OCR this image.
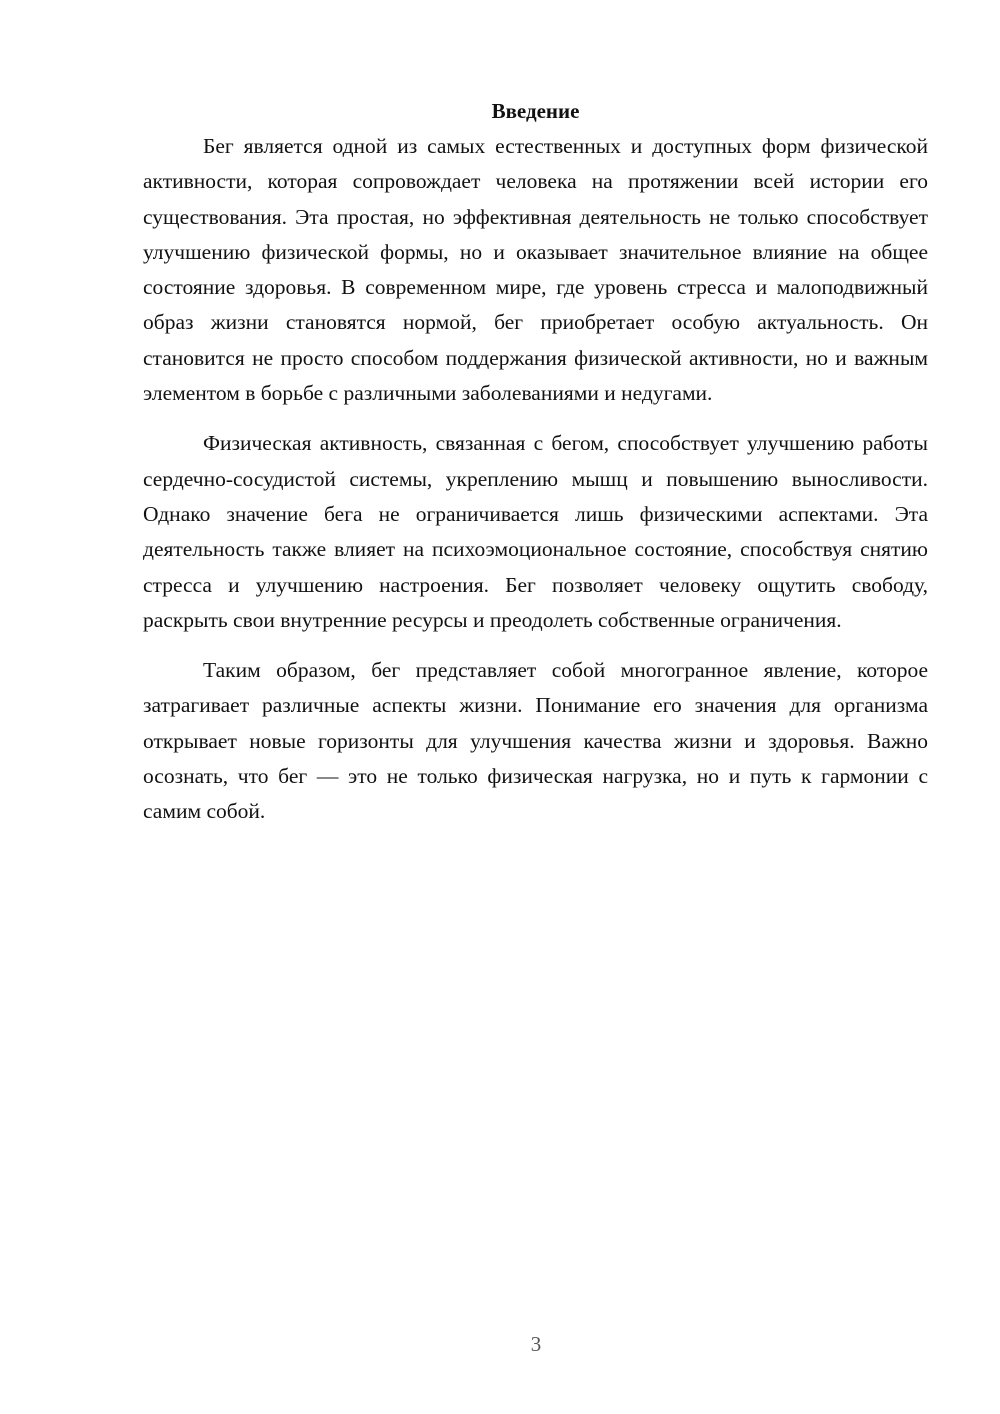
Введение

Бег является одной из самых естественных и доступных форм физической активности, которая сопровождает человека на протяжении всей истории его существования. Эта простая, но эффективная деятельность не только способствует улучшению физической формы, но и оказывает значительное влияние на общее состояние здоровья. В современном мире, где уровень стресса и малоподвижный образ жизни становятся нормой, бег приобретает особую актуальность. Он становится не просто способом поддержания физической активности, но и важным элементом в борьбе с различными заболеваниями и недугами.

Физическая активность, связанная с бегом, способствует улучшению работы сердечно-сосудистой системы, укреплению мышц и повышению выносливости. Однако значение бега не ограничивается лишь физическими аспектами. Эта деятельность также влияет на психоэмоциональное состояние, способствуя снятию стресса и улучшению настроения. Бег позволяет человеку ощутить свободу, раскрыть свои внутренние ресурсы и преодолеть собственные ограничения.

Таким образом, бег представляет собой многогранное явление, которое затрагивает различные аспекты жизни. Понимание его значения для организма открывает новые горизонты для улучшения качества жизни и здоровья. Важно осознать, что бег — это не только физическая нагрузка, но и путь к гармонии с самим собой.

3
